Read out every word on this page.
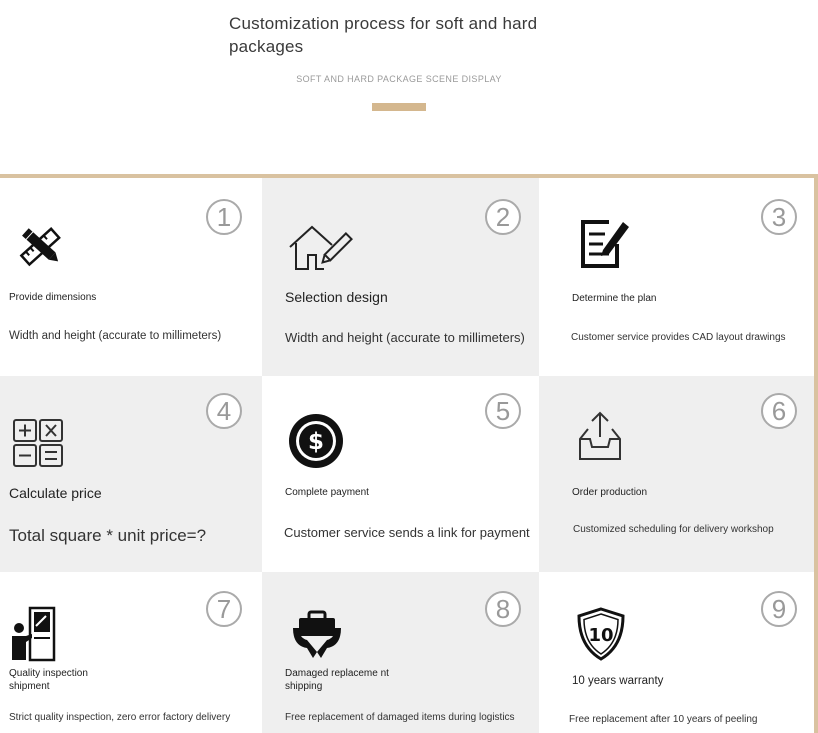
Customization process for soft and hard packages
SOFT AND HARD PACKAGE SCENE DISPLAY
1
Provide dimensions
Width and height (accurate to millimeters)
2
Selection design
Width and height (accurate to millimeters)
3
Determine the plan
Customer service provides CAD layout drawings
4
Calculate price
Total square * unit price=?
5
$
Complete payment
Customer service sends a link for payment
6
Order production
Customized scheduling for delivery workshop
7
Quality inspection shipment
Strict quality inspection, zero error factory delivery
8
Damaged replaceme nt shipping
Free replacement of damaged items during logistics
9
10
10 years warranty
Free replacement after 10 years of peeling
